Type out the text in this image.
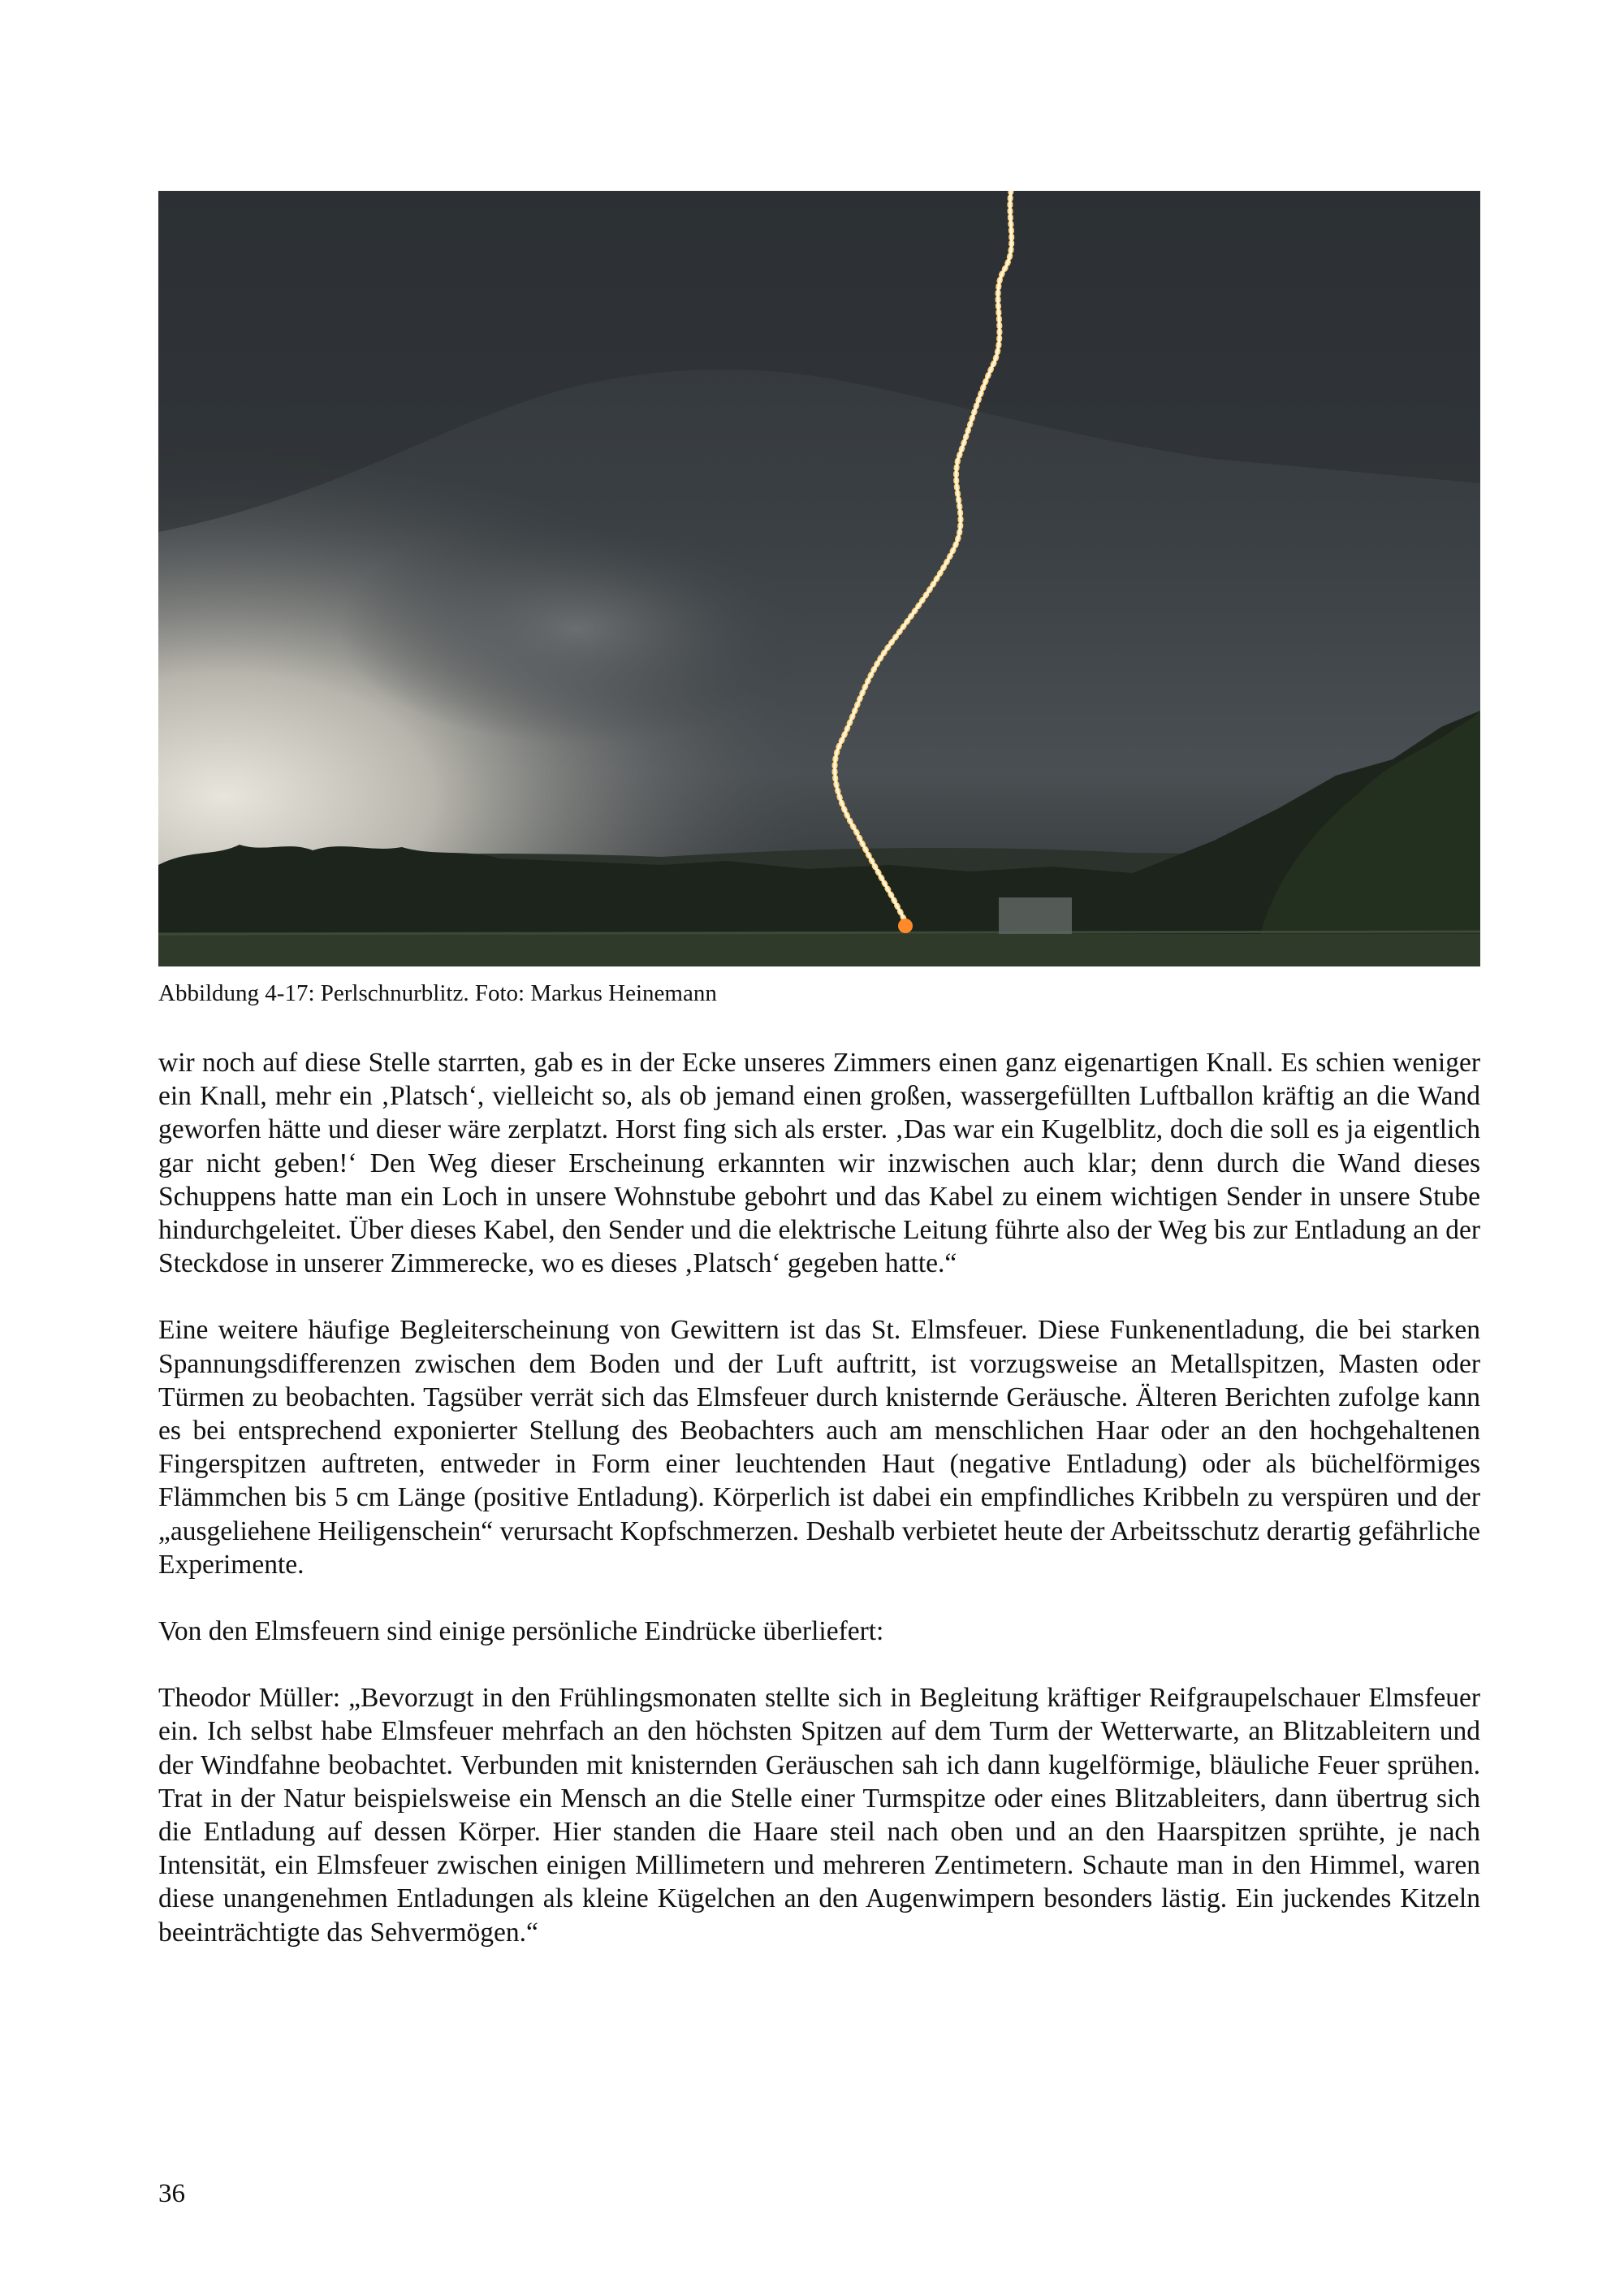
Abbildung 4-17: Perlschnurblitz. Foto: Markus Heinemann

wir noch auf diese Stelle starrten, gab es in der Ecke unseres Zimmers einen ganz eigenartigen Knall. Es schien weniger ein Knall, mehr ein ‚Platsch‘, vielleicht so, als ob jemand einen großen, wassergefüllten Luftballon kräftig an die Wand geworfen hätte und dieser wäre zerplatzt. Horst fing sich als erster. ‚Das war ein Kugelblitz, doch die soll es ja eigentlich gar nicht geben!‘ Den Weg dieser Erscheinung erkannten wir inzwischen auch klar; denn durch die Wand dieses Schuppens hatte man ein Loch in unsere Wohnstube gebohrt und das Kabel zu einem wichtigen Sender in unsere Stube hindurchgeleitet. Über dieses Kabel, den Sender und die elektrische Leitung führte also der Weg bis zur Entladung an der Steckdose in unserer Zimmerecke, wo es dieses ‚Platsch‘ gegeben hatte.“

Eine weitere häufige Begleiterscheinung von Gewittern ist das St. Elmsfeuer. Diese Funkenentladung, die bei starken Spannungsdifferenzen zwischen dem Boden und der Luft auftritt, ist vorzugsweise an Metallspitzen, Masten oder Türmen zu beobachten. Tagsüber verrät sich das Elmsfeuer durch knisternde Geräusche. Älteren Berichten zufolge kann es bei entsprechend exponierter Stellung des Beobachters auch am menschlichen Haar oder an den hochgehaltenen Fingerspitzen auftreten, entweder in Form einer leuchtenden Haut (negative Entladung) oder als büchelförmiges Flämmchen bis 5 cm Länge (positive Entladung). Körperlich ist dabei ein empfindliches Kribbeln zu verspüren und der „ausgeliehene Heiligenschein“ verursacht Kopfschmerzen. Deshalb verbietet heute der Arbeitsschutz derartig gefährliche Experimente.

Von den Elmsfeuern sind einige persönliche Eindrücke überliefert:

Theodor Müller: „Bevorzugt in den Frühlingsmonaten stellte sich in Begleitung kräftiger Reifgraupelschauer Elmsfeuer ein. Ich selbst habe Elmsfeuer mehrfach an den höchsten Spitzen auf dem Turm der Wetterwarte, an Blitzableitern und der Windfahne beobachtet. Verbunden mit knisternden Geräuschen sah ich dann kugelförmige, bläuliche Feuer sprühen. Trat in der Natur beispielsweise ein Mensch an die Stelle einer Turmspitze oder eines Blitzableiters, dann übertrug sich die Entladung auf dessen Körper. Hier standen die Haare steil nach oben und an den Haarspitzen sprühte, je nach Intensität, ein Elmsfeuer zwischen einigen Millimetern und mehreren Zentimetern. Schaute man in den Himmel, waren diese unangenehmen Entladungen als kleine Kügelchen an den Augenwimpern besonders lästig. Ein juckendes Kitzeln beeinträchtigte das Sehvermögen.“

36
